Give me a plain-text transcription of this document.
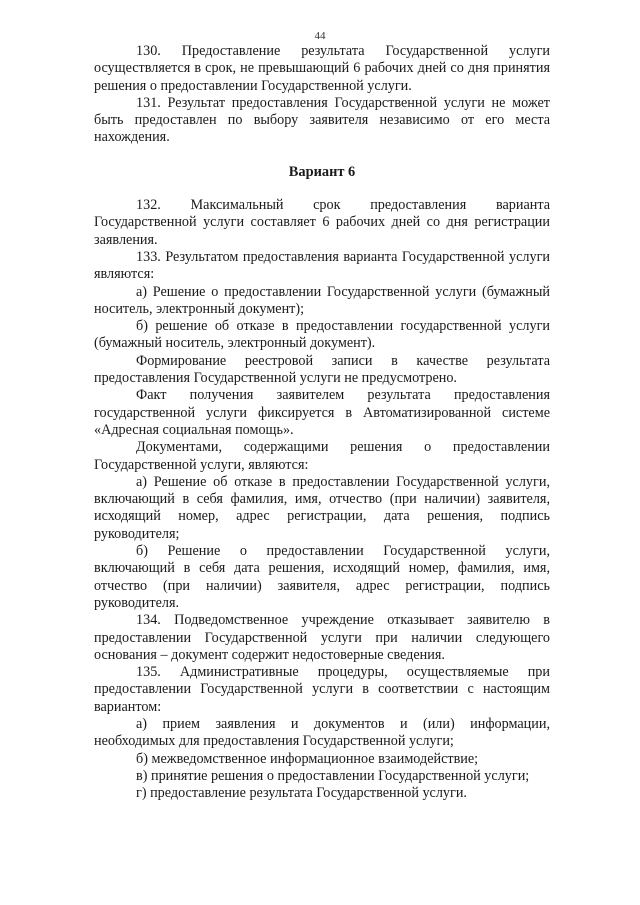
44

130. Предоставление результата Государственной услуги осуществляется в срок, не превышающий 6 рабочих дней со дня принятия решения о предоставлении Государственной услуги.

131. Результат предоставления Государственной услуги не может быть предоставлен по выбору заявителя независимо от его места нахождения.

Вариант 6

132. Максимальный срок предоставления варианта Государственной услуги составляет 6 рабочих дней со дня регистрации заявления.

133. Результатом предоставления варианта Государственной услуги являются:

а) Решение о предоставлении Государственной услуги (бумажный носитель, электронный документ);

б) решение об отказе в предоставлении государственной услуги (бумажный носитель, электронный документ).

Формирование реестровой записи в качестве результата предоставления Государственной услуги не предусмотрено.

Факт получения заявителем результата предоставления государственной услуги фиксируется в Автоматизированной системе «Адресная социальная помощь».

Документами, содержащими решения о предоставлении Государственной услуги, являются:

а) Решение об отказе в предоставлении Государственной услуги, включающий в себя фамилия, имя, отчество (при наличии) заявителя, исходящий номер, адрес регистрации, дата решения, подпись руководителя;

б) Решение о предоставлении Государственной услуги, включающий в себя дата решения, исходящий номер, фамилия, имя, отчество (при наличии) заявителя, адрес регистрации, подпись руководителя.

134. Подведомственное учреждение отказывает заявителю в предоставлении Государственной услуги при наличии следующего основания – документ содержит недостоверные сведения.

135. Административные процедуры, осуществляемые при предоставлении Государственной услуги в соответствии с настоящим вариантом:

а) прием заявления и документов и (или) информации, необходимых для предоставления Государственной услуги;

б) межведомственное информационное взаимодействие;

в) принятие решения о предоставлении Государственной услуги;

г) предоставление результата Государственной услуги.
